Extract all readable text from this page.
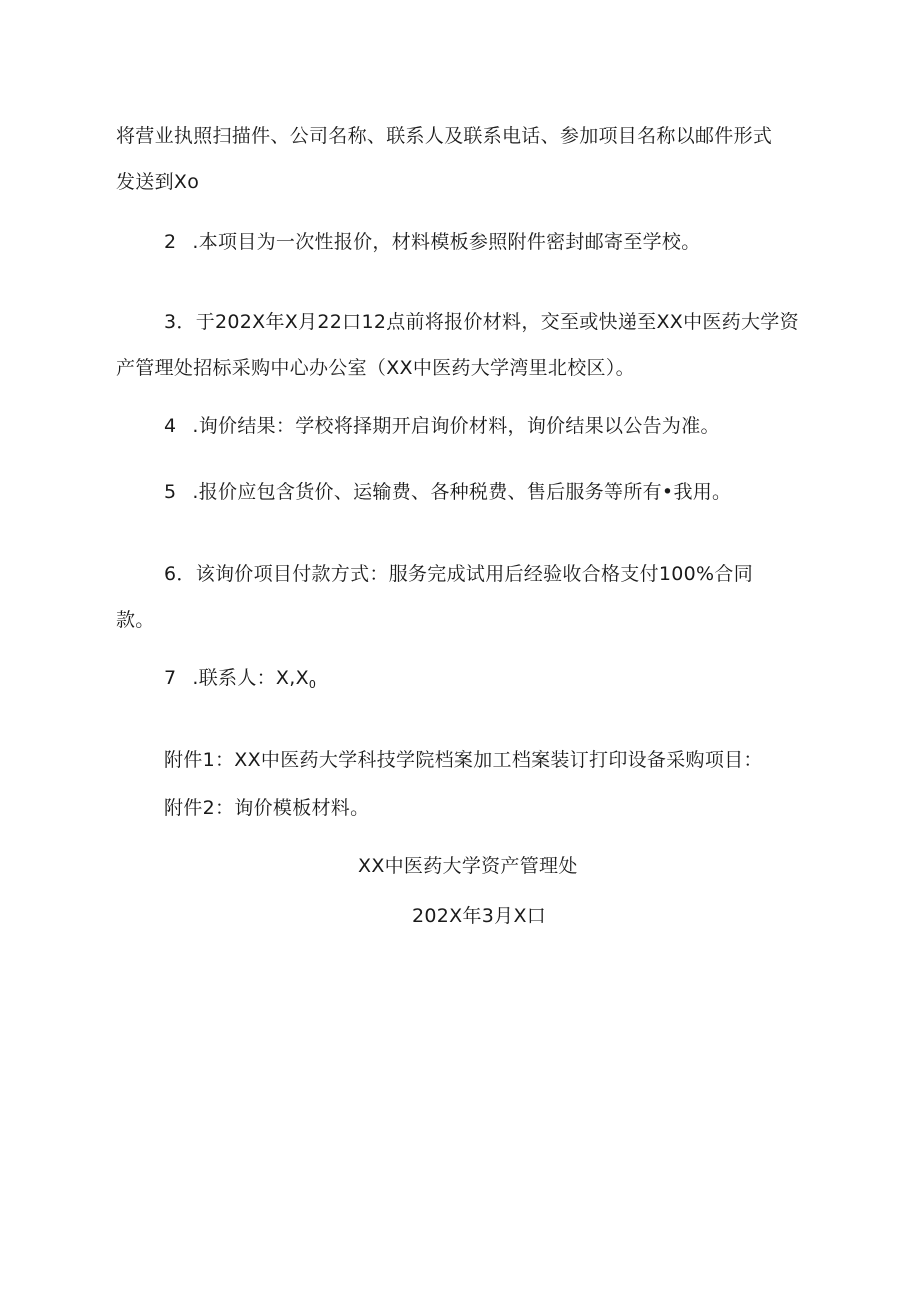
将营业执照扫描件、公司名称、联系人及联系电话、参加项目名称以邮件形式
发送到Xo
2 .本项目为一次性报价，材料模板参照附件密封邮寄至学校。
3．于202X年X月22口12点前将报价材料，交至或快递至XX中医药大学资
产管理处招标采购中心办公室（XX中医药大学湾里北校区）。
4 .询价结果：学校将择期开启询价材料，询价结果以公告为准。
5 .报价应包含货价、运输费、各种税费、售后服务等所有•我用。
6．该询价项目付款方式：服务完成试用后经验收合格支付100%合同
款。
7 .联系人：$X,X_0$
附件1：XX中医药大学科技学院档案加工档案装订打印设备采购项目：
附件2：询价模板材料。
XX中医药大学资产管理处
202X年3月X口
